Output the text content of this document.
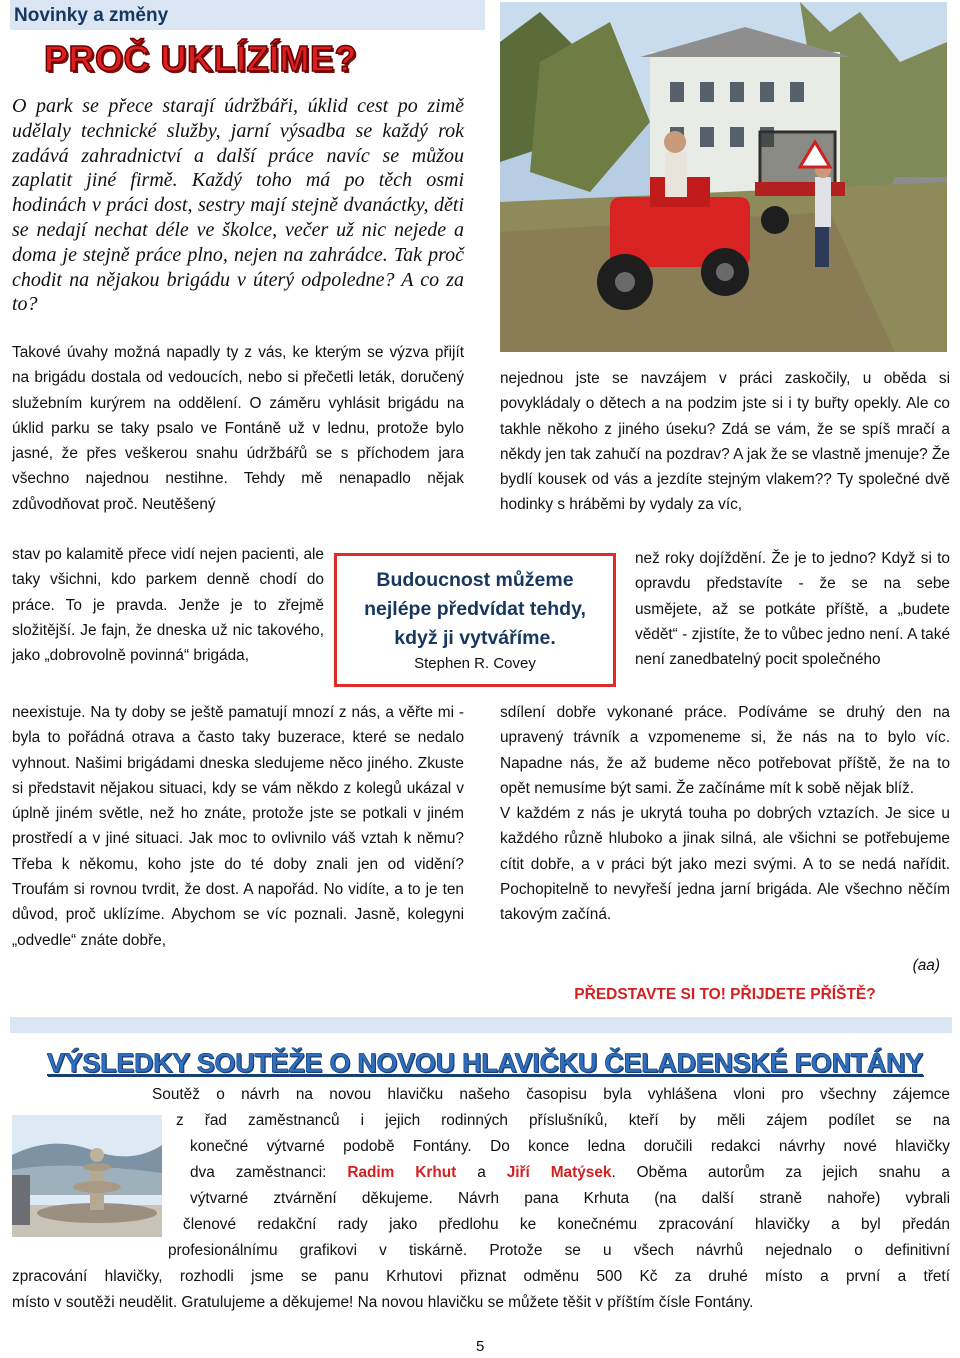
Novinky a změny
PROČ UKLÍZÍME?

O park se přece starají údržbáři, úklid cest po zimě udělaly technické služby, jarní výsadba se každý rok zadává zahradnictví a další práce navíc se můžou zaplatit jiné firmě. Každý toho má po těch osmi hodinách v práci dost, sestry mají stejně dvanáctky, děti se nedají nechat déle ve školce, večer už nic nejede a doma je stejně práce plno, nejen na zahrádce. Tak proč chodit na nějakou brigádu v úterý odpoledne? A co za to?

Takové úvahy možná napadly ty z vás, ke kterým se výzva přijít na brigádu dostala od vedoucích, nebo si přečetli leták, doručený služebním kurýrem na oddělení. O záměru vyhlásit brigádu na úklid parku se taky psalo ve Fontáně už v lednu, protože bylo jasné, že přes veškerou snahu údržbářů se s příchodem jara všechno najednou nestihne. Tehdy mě nenapadlo nějak zdůvodňovat proč. Neutěšený

stav po kalamitě přece vidí nejen pacienti, ale taky všichni, kdo parkem denně chodí do práce. To je pravda. Jenže je to zřejmě složitější. Je fajn, že dneska už nic takového, jako „dobrovolně povinná“ brigáda,

neexistuje. Na ty doby se ještě pamatují mnozí z nás, a věřte mi - byla to pořádná otrava a často taky buzerace, které se nedalo vyhnout. Našimi brigádami dneska sledujeme něco jiného. Zkuste si představit nějakou situaci, kdy se vám někdo z kolegů ukázal v úplně jiném světle, než ho znáte, protože jste se potkali v jiném prostředí a v jiné situaci. Jak moc to ovlivnilo váš vztah k němu? Třeba k někomu, koho jste do té doby znali jen od vidění? Troufám si rovnou tvrdit, že dost. A napořád. No vidíte, a to je ten důvod, proč uklízíme. Abychom se víc poznali. Jasně, kolegyni „odvedle“ znáte dobře,

nejednou jste se navzájem v práci zaskočily, u oběda si povykládaly o dětech a na podzim jste si i ty buřty opekly. Ale co takhle někoho z jiného úseku? Zdá se vám, že se spíš mračí a někdy jen tak zahučí na pozdrav? A jak že se vlastně jmenuje? Že bydlí kousek od vás a jezdíte stejným vlakem?? Ty společné dvě hodinky s hráběmi by vydaly za víc,

než roky dojíždění. Že je to jedno? Když si to opravdu představíte - že se na sebe usmějete, až se potkáte příště, a „budete vědět“ - zjistíte, že to vůbec jedno není. A také není zanedbatelný pocit společného

sdílení dobře vykonané práce. Podíváme se druhý den na upravený trávník a vzpomeneme si, že nás na to bylo víc. Napadne nás, že až budeme něco potřebovat příště, že na to opět nemusíme být sami. Že začínáme mít k sobě nějak blíž.

V každém z nás je ukrytá touha po dobrých vztazích. Je sice u každého různě hluboko a jinak silná, ale všichni se potřebujeme cítit dobře, a v práci být jako mezi svými. A to se nedá nařídit. Pochopitelně to nevyřeší jedna jarní brigáda. Ale všechno něčím takovým začíná.

(aa)
Budoucnost můžeme
nejlépe předvídat tehdy,
když ji vytváříme.
Stephen R. Covey
PŘEDSTAVTE SI TO! PŘIJDETE PŘÍŠTĚ?
VÝSLEDKY SOUTĚŽE O NOVOU HLAVIČKU ČELADENSKÉ FONTÁNY
Soutěž o návrh na novou hlavičku našeho časopisu byla vyhlášena vloni pro všechny zájemce
z řad zaměstnanců i jejich rodinných příslušníků, kteří by měli zájem podílet se na
konečné výtvarné podobě Fontány. Do konce ledna doručili redakci návrhy nové hlavičky
dva zaměstnanci: Radim Krhut a Jiří Matýsek. Oběma autorům za jejich snahu a
výtvarné ztvárnění děkujeme. Návrh pana Krhuta (na další straně nahoře) vybrali
členové redakční rady jako předlohu ke konečnému zpracování hlavičky a byl předán
profesionálnímu grafikovi v tiskárně. Protože se u všech návrhů nejednalo o definitivní
zpracování hlavičky, rozhodli jsme se panu Krhutovi přiznat odměnu 500 Kč za druhé místo a první a třetí
místo v soutěži neudělit. Gratulujeme a děkujeme! Na novou hlavičku se můžete těšit v příštím čísle Fontány.
5
